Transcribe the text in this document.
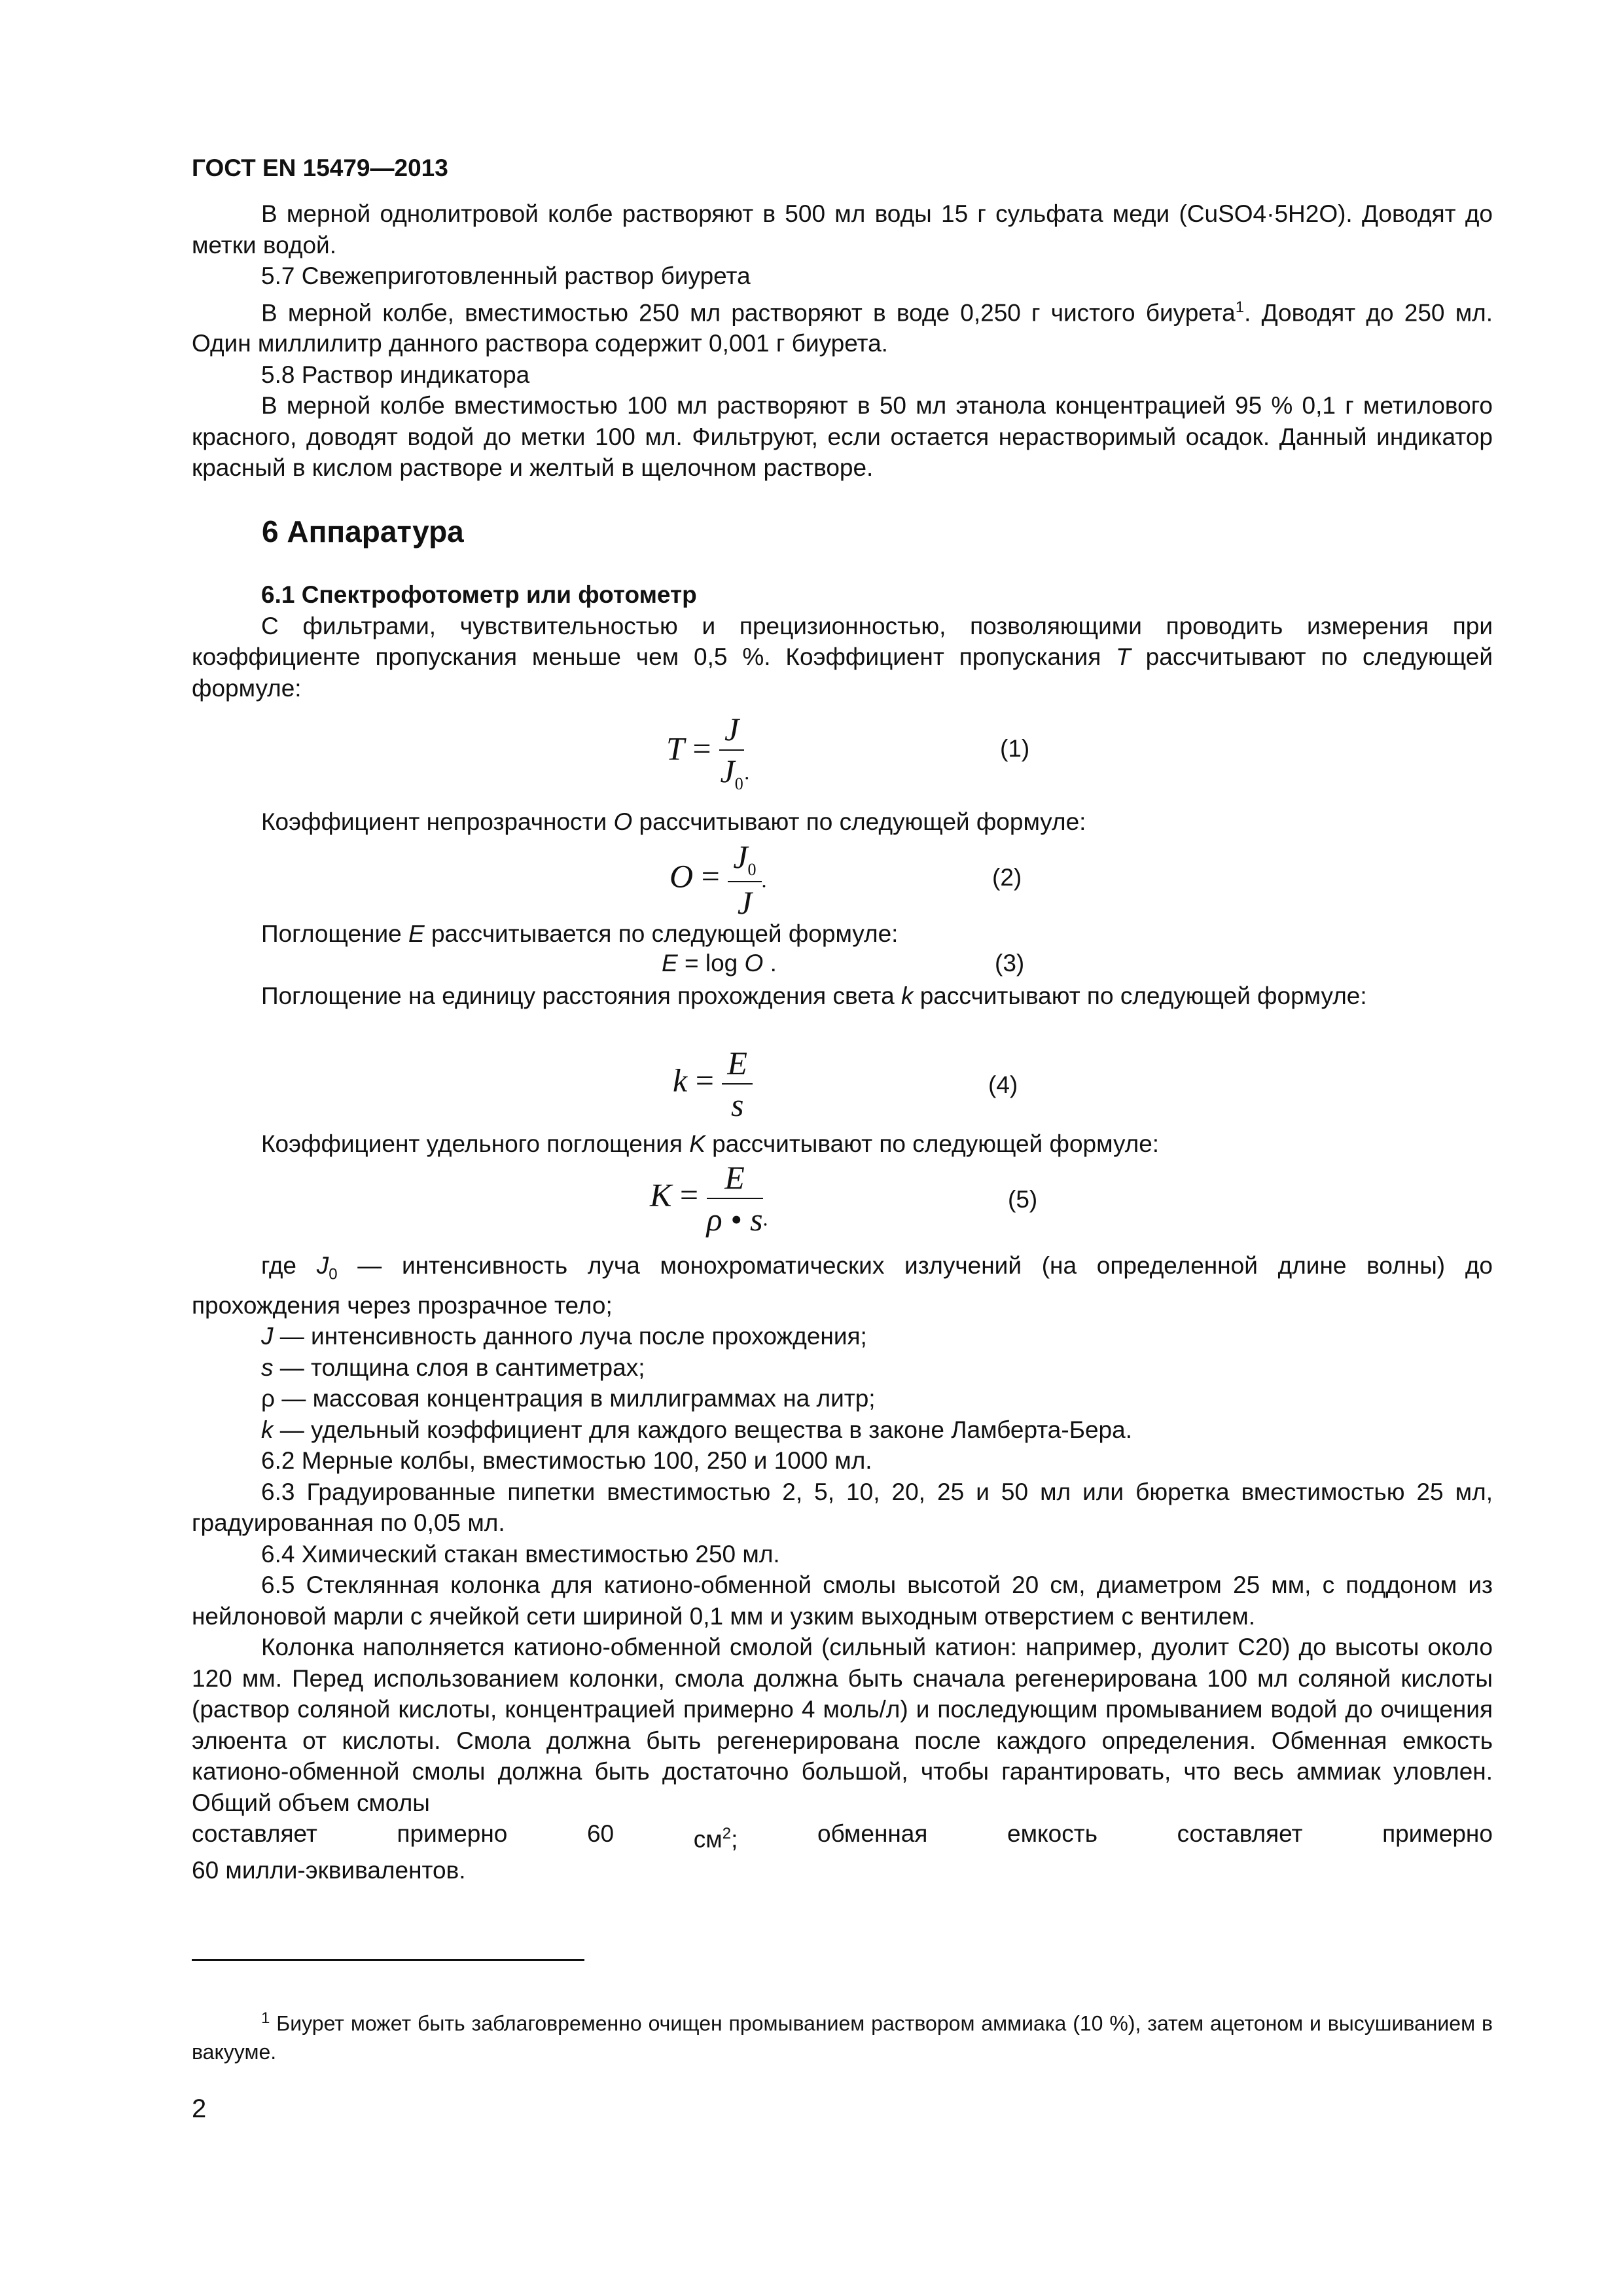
ГОСТ EN 15479—2013

В мерной однолитровой колбе растворяют в 500 мл воды 15 г сульфата меди (CuSO4·5H2O). Доводят до метки водой.

5.7 Свежеприготовленный раствор биурета

В мерной колбе, вместимостью 250 мл растворяют в воде 0,250 г чистого биурета$^1$. Доводят до 250 мл. Один миллилитр данного раствора содержит 0,001 г биурета.

5.8 Раствор индикатора

В мерной колбе вместимостью 100 мл растворяют в 50 мл этанола концентрацией 95 % 0,1 г метилового красного, доводят водой до метки 100 мл. Фильтруют, если остается нерастворимый осадок. Данный индикатор красный в кислом растворе и желтый в щелочном растворе.

6 Аппаратура

6.1 Спектрофотометр или фотометр

С фильтрами, чувствительностью и прецизионностью, позволяющими проводить измерения при коэффициенте пропускания меньше чем 0,5 %. Коэффициент пропускания T рассчитывают по следующей формуле:

$T = \frac{J}{J_0} _.$
(1)

Коэффициент непрозрачности O рассчитывают по следующей формуле:

$O = \frac{J_0}{J}$ .	(2)

Поглощение E рассчитывается по следующей формуле:

E = log O .	(3)

Поглощение на единицу расстояния прохождения света k рассчитывают по следующей формуле:

$k = \frac{E}{s}$	(4)

Коэффициент удельного поглощения K рассчитывают по следующей формуле:

$K = \frac{E}{\rho • s} _.$
(5)

где $J_0$ — интенсивность луча монохроматических излучений (на определенной длине волны) до прохождения через прозрачное тело;

J — интенсивность данного луча после прохождения;

s — толщина слоя в сантиметрах;

ρ — массовая концентрация в миллиграммах на литр;

k — удельный коэффициент для каждого вещества в законе Ламберта-Бера.

6.2 Мерные колбы, вместимостью 100, 250 и 1000 мл.

6.3 Градуированные пипетки вместимостью 2, 5, 10, 20, 25 и 50 мл или бюретка вместимостью 25 мл, градуированная по 0,05 мл.

6.4 Химический стакан вместимостью 250 мл.

6.5 Стеклянная колонка для катионо-обменной смолы высотой 20 см, диаметром 25 мм, с поддоном из нейлоновой марли с ячейкой сети шириной 0,1 мм и узким выходным отверстием с вентилем.

Колонка наполняется катионо-обменной смолой (сильный катион: например, дуолит С20) до высоты около 120 мм. Перед использованием колонки, смола должна быть сначала регенерирована 100 мл соляной кислоты (раствор соляной кислоты, концентрацией примерно 4 моль/л) и последующим промыванием водой до очищения элюента от кислоты. Смола должна быть регенерирована после каждого определения. Обменная емкость катионо-обменной смолы должна быть достаточно большой, чтобы гарантировать, что весь аммиак уловлен. Общий объем смолы

составляет	примерно	60	$см^2$;	обменная	емкость	составляет	примерно

60 милли-эквивалентов.

$^1$ Биурет может быть заблаговременно очищен промыванием раствором аммиака (10 %), затем ацетоном и высушиванием в вакууме.
2
